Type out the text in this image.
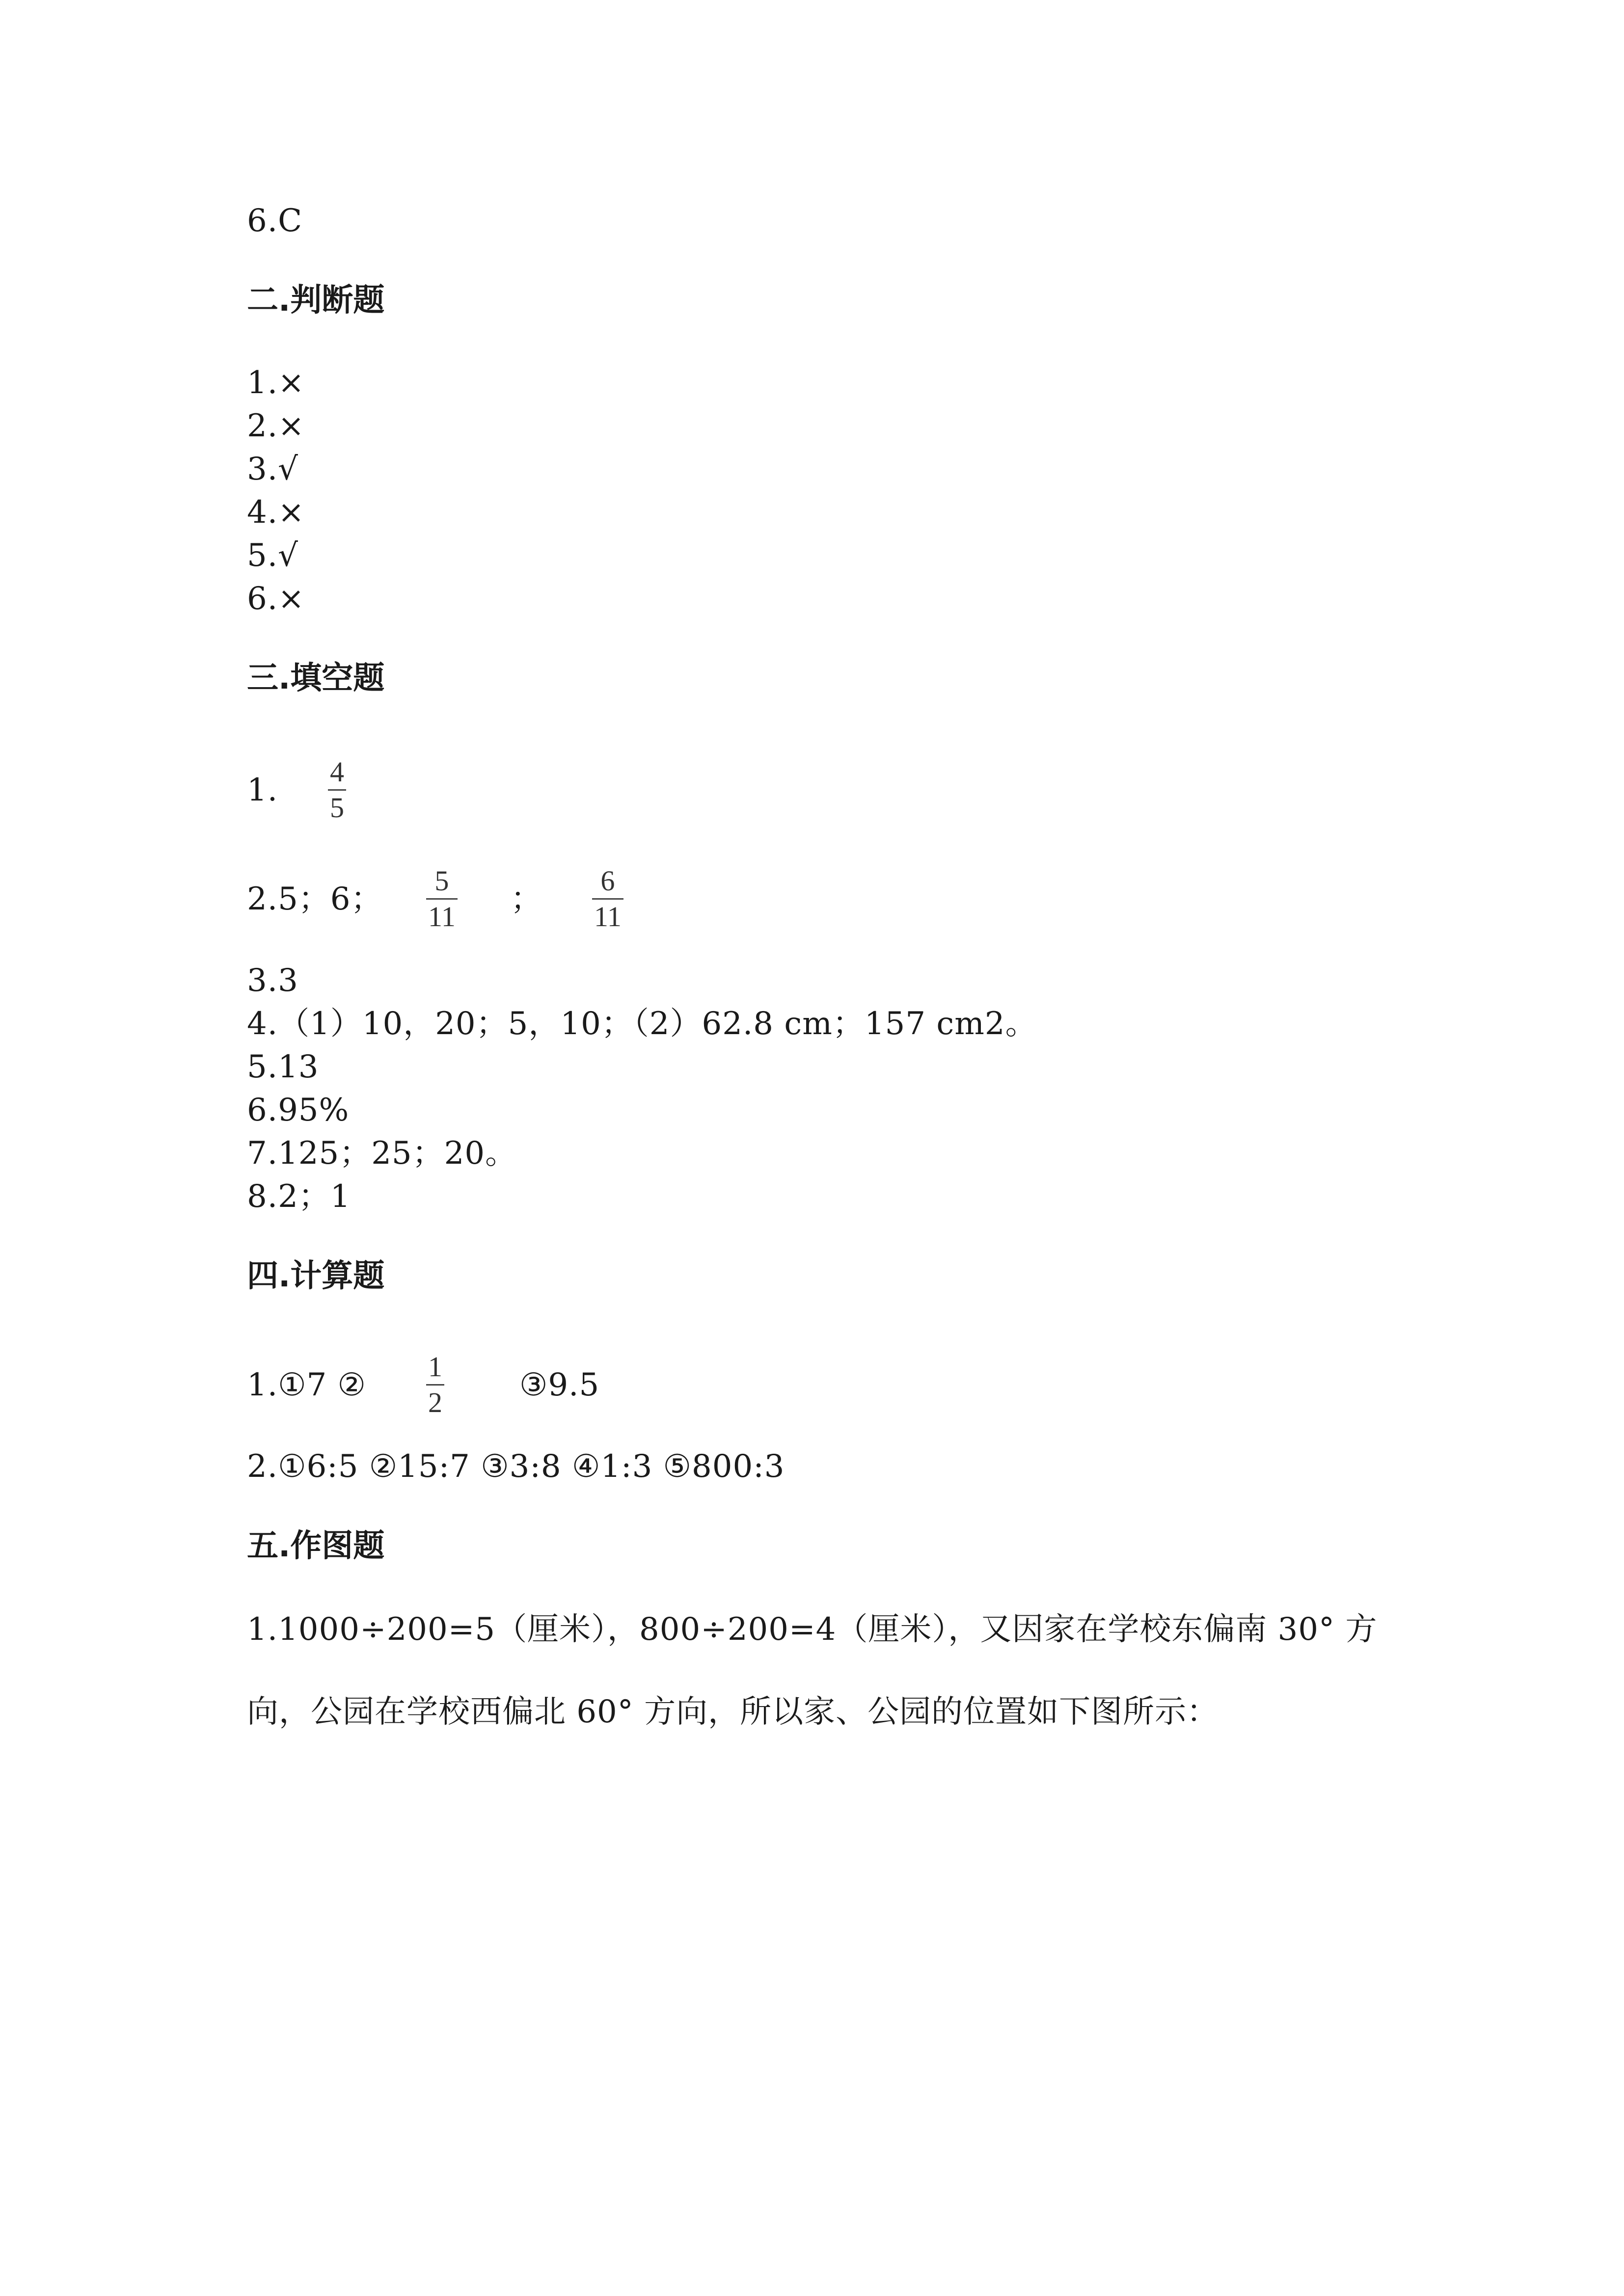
6.C
二.判断题
1.×
2.×
3.√
4.×
5.√
6.×
三.填空题
1.
4
5
2.5；6；
5
11 ；
6
11
3.3
4.（1）10，20；5，10；（2）62.8 cm；157 cm2。
5.13
6.95%
7.125；25；20。
8.2；1
四.计算题
1.①7 ②
1
2 ③9.5
2.①6:5 ②15:7 ③3:8 ④1:3 ⑤800:3
五.作图题
1.1000÷200=5（厘米），800÷200=4（厘米），又因家在学校东偏南 30° 方
向，公园在学校西偏北 60° 方向，所以家、公园的位置如下图所示：
